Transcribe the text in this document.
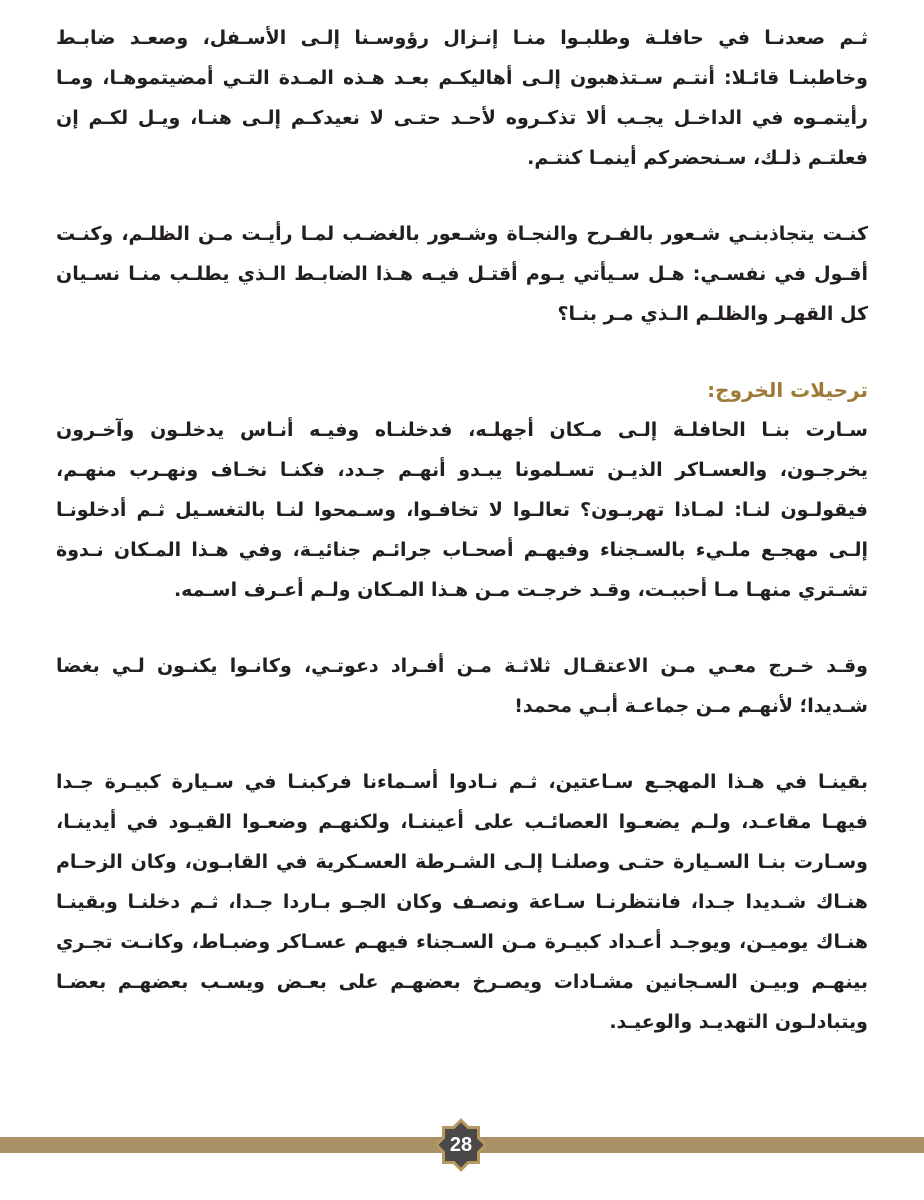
ثـم صعدنـا في حافلـة وطلبـوا منـا إنـزال رؤوسـنا إلـى الأسـفل، وصعـد ضابـط وخاطبنـا قائـلا: أنتـم سـتذهبون إلـى أهاليكـم بعـد هـذه المـدة التـي أمضيتموهـا، ومـا رأيتمـوه في الداخـل يجـب ألا تذكـروه لأحـد حتـى لا نعيدكـم إلـى هنـا، ويـل لكـم إن فعلتـم ذلـك، سـنحضركم أينمـا كنتـم.

كنـت يتجاذبنـي شـعور بالفـرح والنجـاة وشـعور بالغضـب لمـا رأيـت مـن الظلـم، وكنـت أقـول في نفسـي: هـل سـيأتي يـوم أقتـل فيـه هـذا الضابـط الـذي يطلـب منـا نسـيان كل القهـر والظلـم الـذي مـر بنـا؟

ترحيلات الخروج:

سـارت بنـا الحافلـة إلـى مـكان أجهلـه، فدخلنـاه وفيـه أنـاس يدخلـون وآخـرون يخرجـون، والعسـاكر الذيـن تسـلمونا يبـدو أنهـم جـدد، فكنـا نخـاف ونهـرب منهـم، فيقولـون لنـا: لمـاذا تهربـون؟ تعالـوا لا تخافـوا، وسـمحوا لنـا بالتغسـيل ثـم أدخلونـا إلـى مهجـع ملـيء بالسـجناء وفيهـم أصحـاب جرائـم جنائيـة، وفي هـذا المـكان نـدوة تشـتري منهـا مـا أحببـت، وقـد خرجـت مـن هـذا المـكان ولـم أعـرف اسـمه.

وقـد خـرج معـي مـن الاعتقـال ثلاثـة مـن أفـراد دعوتـي، وكانـوا يكنـون لـي بغضا شـديدا؛ لأنهـم مـن جماعـة أبـي محمد!

بقينـا في هـذا المهجـع سـاعتين، ثـم نـادوا أسـماءنا فركبنـا في سـيارة كبيـرة جـدا فيهـا مقاعـد، ولـم يضعـوا العصائـب على أعيننـا، ولكنهـم وضعـوا القيـود في أيدينـا، وسـارت بنـا السـيارة حتـى وصلنـا إلـى الشـرطة العسـكرية في القابـون، وكان الزحـام هنـاك شـديدا جـدا، فانتظرنـا سـاعة ونصـف وكان الجـو بـاردا جـدا، ثـم دخلنـا وبقينـا هنـاك يوميـن، ويوجـد أعـداد كبيـرة مـن السـجناء فيهـم عسـاكر وضبـاط، وكانـت تجـري بينهـم وبيـن السـجانين مشـادات ويصـرخ بعضهـم على بعـض ويسـب بعضهـم بعضـا ويتبادلـون التهديـد والوعيـد.

28
